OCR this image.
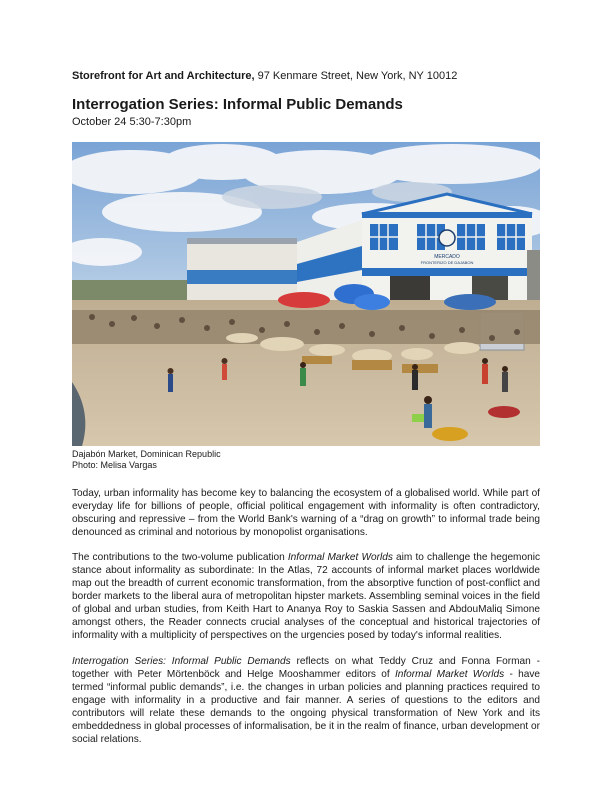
Storefront for Art and Architecture, 97 Kenmare Street, New York, NY 10012
Interrogation Series: Informal Public Demands
October 24 5:30-7:30pm
MERCADO
FRONTERIZO DE DAJABON
Dajabón Market, Dominican Republic
Photo: Melisa Vargas

Today, urban informality has become key to balancing the ecosystem of a globalised world. While part of everyday life for billions of people, official political engagement with informality is often contradictory, obscuring and repressive – from the World Bank's warning of a “drag on growth” to informal trade being denounced as criminal and notorious by monopolist organisations.

The contributions to the two-volume publication Informal Market Worlds aim to challenge the hegemonic stance about informality as subordinate: In the Atlas, 72 accounts of informal market places worldwide map out the breadth of current economic transformation, from the absorptive function of post-conflict and border markets to the liberal aura of metropolitan hipster markets. Assembling seminal voices in the field of global and urban studies, from Keith Hart to Ananya Roy to Saskia Sassen and AbdouMaliq Simone amongst others, the Reader connects crucial analyses of the conceptual and historical trajectories of informality with a multiplicity of perspectives on the urgencies posed by today's informal realities.

Interrogation Series: Informal Public Demands reflects on what Teddy Cruz and Fonna Forman - together with Peter Mörtenböck and Helge Mooshammer editors of Informal Market Worlds - have termed “informal public demands”, i.e. the changes in urban policies and planning practices required to engage with informality in a productive and fair manner. A series of questions to the editors and contributors will relate these demands to the ongoing physical transformation of New York and its embeddedness in global processes of informalisation, be it in the realm of finance, urban development or social relations.
